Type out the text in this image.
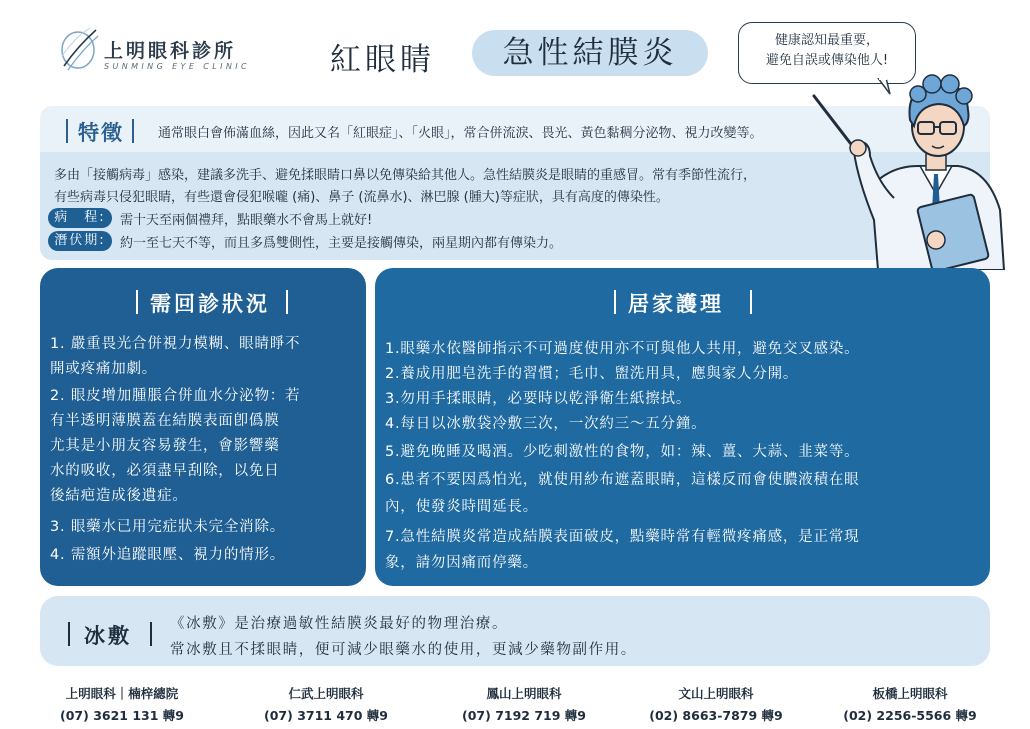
上明眼科診所
SUNMING EYE CLINIC	紅眼睛	急性結膜炎	健康認知最重要，
避免自誤或傳染他人!
特徵	通常眼白會佈滿血絲，因此又名「紅眼症」、「火眼」，常合併流淚、畏光、黃色黏稠分泌物、視力改變等。
多由「接觸病毒」感染，建議多洗手、避免揉眼睛口鼻以免傳染給其他人。急性結膜炎是眼睛的重感冒。常有季節性流行，
有些病毒只侵犯眼睛，有些還會侵犯喉嚨 (痛)、鼻子 (流鼻水)、淋巴腺 (腫大)等症狀，具有高度的傳染性。
病　程:	需十天至兩個禮拜，點眼藥水不會馬上就好!
潛伏期:	約一至七天不等，而且多爲雙側性，主要是接觸傳染，兩星期內都有傳染力。
需回診狀況
1. 嚴重畏光合併視力模糊、眼睛睜不
開或疼痛加劇。
2. 眼皮增加腫脹合併血水分泌物：若
有半透明薄膜蓋在結膜表面卽僞膜
尤其是小朋友容易發生，會影響藥
水的吸收，必須盡早刮除，以免日
後結疤造成後遺症。
3. 眼藥水已用完症狀未完全消除。
4. 需額外追蹤眼壓、視力的情形。
居家護理
1.眼藥水依醫師指示不可過度使用亦不可與他人共用，避免交叉感染。
2.養成用肥皂洗手的習慣；毛巾、盥洗用具，應與家人分開。
3.勿用手揉眼睛，必要時以乾淨衛生紙擦拭。
4.每日以冰敷袋冷敷三次，一次約三～五分鐘。
5.避免晚睡及喝酒。少吃刺激性的食物，如：辣、薑、大蒜、韭菜等。
6.患者不要因爲怕光，就使用紗布遮蓋眼睛，這樣反而會使膿液積在眼
內，使發炎時間延長。
7.急性結膜炎常造成結膜表面破皮，點藥時常有輕微疼痛感，是正常現
象，請勿因痛而停藥。
冰敷	《冰敷》是治療過敏性結膜炎最好的物理治療。
常冰敷且不揉眼睛，便可減少眼藥水的使用，更減少藥物副作用。
上明眼科｜楠梓總院
(07) 3621 131 轉9
仁武上明眼科
(07) 3711 470 轉9
鳳山上明眼科
(07) 7192 719 轉9
文山上明眼科
(02) 8663-7879 轉9
板橋上明眼科
(02) 2256-5566 轉9
